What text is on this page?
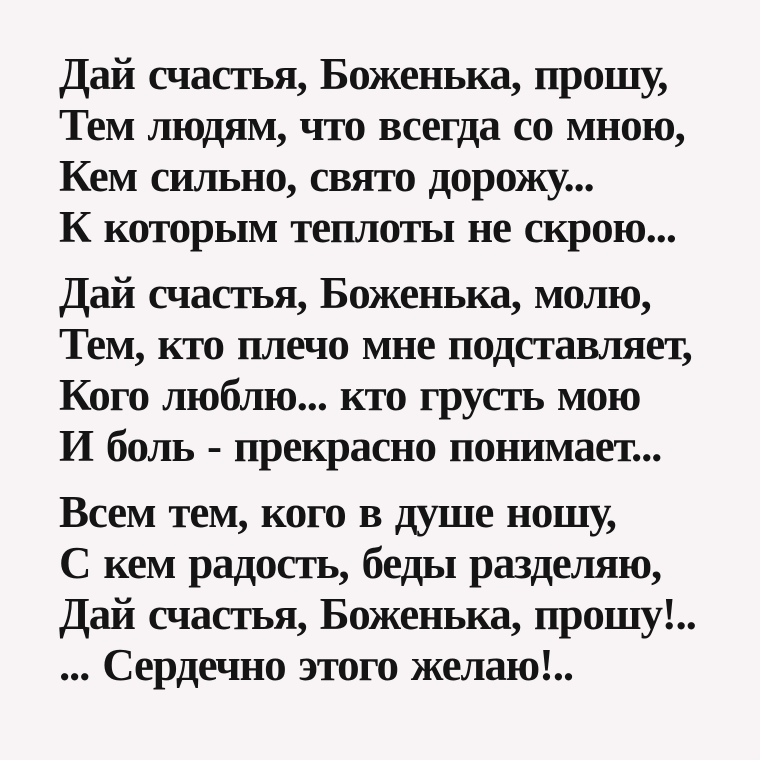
Дай счастья, Боженька, прошу,
Тем людям, что всегда со мною,
Кем сильно, свято дорожу...
К которым теплоты не скрою...
Дай счастья, Боженька, молю,
Тем, кто плечо мне подставляет,
Кого люблю... кто грусть мою
И боль - прекрасно понимает...
Всем тем, кого в душе ношу,
С кем радость, беды разделяю,
Дай счастья, Боженька, прошу!..
... Сердечно этого желаю!..
